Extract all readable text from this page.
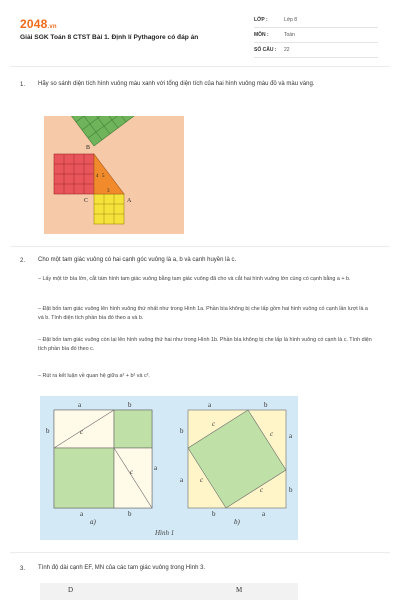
2048.vn
Giải SGK Toán 8 CTST Bài 1. Định lí Pythagore có đáp án
LỚP :	Lớp 8
MÔN :	Toán
SỐ CÂU : 22
1. Hãy so sánh diện tích hình vuông màu xanh với tổng diện tích của hai hình vuông màu đỏ và màu vàng.
B
C	A
4 5
3
2. Cho một tam giác vuông có hai cạnh góc vuông là a, b và cạnh huyền là c.
– Lấy một tờ bìa lớn, cắt tám hình tam giác vuông bằng tam giác vuông đã cho và cắt hai hình vuông lớn cùng có cạnh bằng a + b.
– Đặt bốn tam giác vuông lên hình vuông thứ nhất như trong Hình 1a. Phần bìa không bị che lấp gồm hai hình vuông có cạnh lần lượt là a và b. Tính diện tích phần bìa đó theo a và b.
– Đặt bốn tam giác vuông còn lại lên hình vuông thứ hai như trong Hình 1b. Phần bìa không bị che lấp là hình vuông có cạnh là c. Tính diện tích phần bìa đó theo c.
– Rút ra kết luận về quan hệ giữa a² + b² và c².
a	b
b	c
c	a
a	b
a)
a	b
b
a
a
b
c
c
c
c
b	a
b)
Hình 1
3. Tính độ dài cạnh EF, MN của các tam giác vuông trong Hình 3.
D	M
